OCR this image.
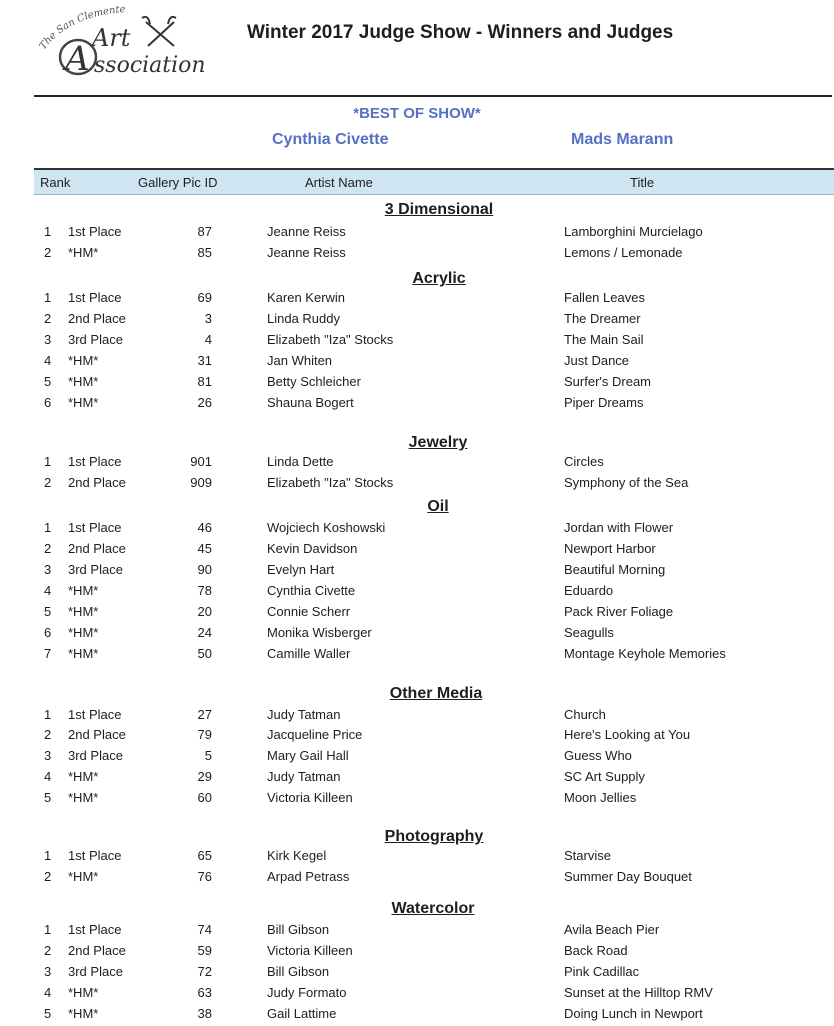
The San Clemente
A
Art
ssociation
Winter 2017 Judge Show - Winners and Judges
*BEST OF SHOW*
Cynthia Civette	Mads Marann
Rank	Gallery Pic ID	Artist Name	Title
3 Dimensional
1 1st Place	87	Jeanne Reiss	Lamborghini Murcielago
2 *HM*	85	Jeanne Reiss	Lemons / Lemonade
Acrylic
1 1st Place	69	Karen Kerwin	Fallen Leaves
2 2nd Place	3	Linda Ruddy	The Dreamer
3 3rd Place	4	Elizabeth "Iza" Stocks	The Main Sail
4 *HM*	31	Jan Whiten	Just Dance
5 *HM*	81	Betty Schleicher	Surfer's Dream
6 *HM*	26	Shauna Bogert	Piper Dreams
Jewelry
1 1st Place	901	Linda Dette	Circles
2 2nd Place	909	Elizabeth "Iza" Stocks	Symphony of the Sea
Oil
1 1st Place	46	Wojciech Koshowski	Jordan with Flower
2 2nd Place	45	Kevin Davidson	Newport Harbor
3 3rd Place	90	Evelyn Hart	Beautiful Morning
4 *HM*	78	Cynthia Civette	Eduardo
5 *HM*	20	Connie Scherr	Pack River Foliage
6 *HM*	24	Monika Wisberger	Seagulls
7 *HM*	50	Camille Waller	Montage Keyhole Memories
Other Media
1 1st Place	27	Judy Tatman	Church
2 2nd Place	79	Jacqueline Price	Here's Looking at You
3 3rd Place	5	Mary Gail Hall	Guess Who
4 *HM*	29	Judy Tatman	SC Art Supply
5 *HM*	60	Victoria Killeen	Moon Jellies
Photography
1 1st Place	65	Kirk Kegel	Starvise
2 *HM*	76	Arpad Petrass	Summer Day Bouquet
Watercolor
1 1st Place	74	Bill Gibson	Avila Beach Pier
2 2nd Place	59	Victoria Killeen	Back Road
3 3rd Place	72	Bill Gibson	Pink Cadillac
4 *HM*	63	Judy Formato	Sunset at the Hilltop RMV
5 *HM*	38	Gail Lattime	Doing Lunch in Newport
